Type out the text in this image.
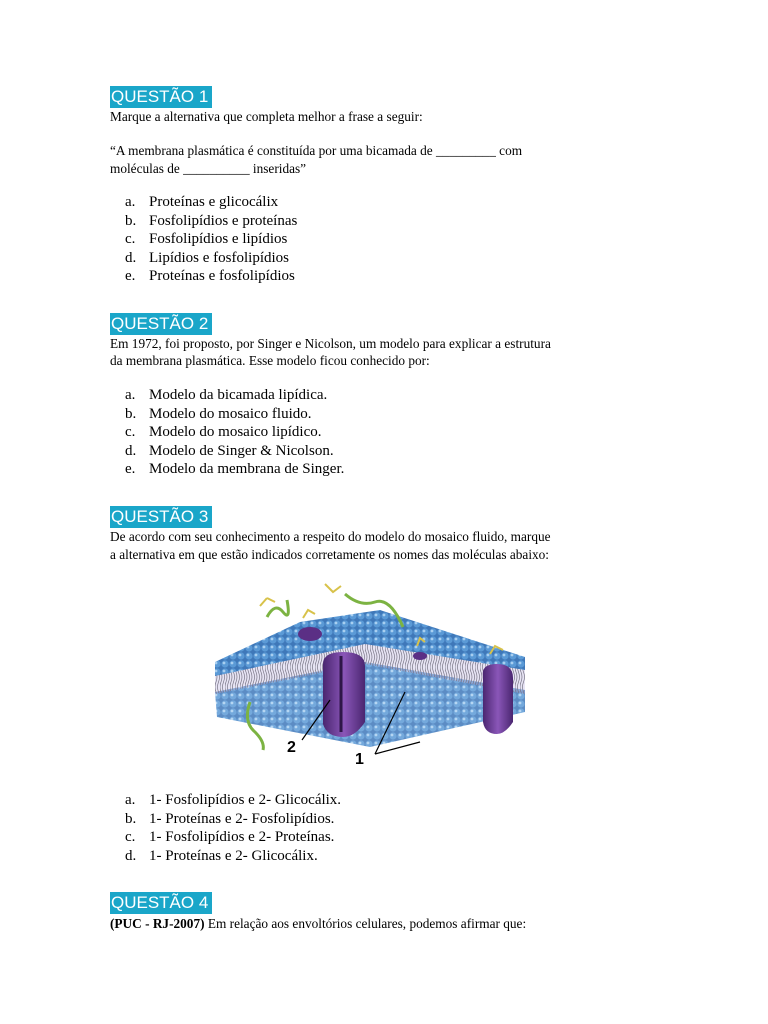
QUESTÃO 1
Marque a alternativa que completa melhor a frase a seguir:
“A membrana plasmática é constituída por uma bicamada de _________ com
moléculas de __________ inseridas”
a. Proteínas e glicocálix
b. Fosfolipídios e proteínas
c. Fosfolipídios e lipídios
d. Lipídios e fosfolipídios
e. Proteínas e fosfolipídios
QUESTÃO 2
Em 1972, foi proposto, por Singer e Nicolson, um modelo para explicar a estrutura
da membrana plasmática. Esse modelo ficou conhecido por:
a. Modelo da bicamada lipídica.
b. Modelo do mosaico fluido.
c. Modelo do mosaico lipídico.
d. Modelo de Singer & Nicolson.
e. Modelo da membrana de Singer.
QUESTÃO 3
De acordo com seu conhecimento a respeito do modelo do mosaico fluido, marque
a alternativa em que estão indicados corretamente os nomes das moléculas abaixo:
2
1
a. 1- Fosfolipídios e 2- Glicocálix.
b. 1- Proteínas e 2- Fosfolipídios.
c. 1- Fosfolipídios e 2- Proteínas.
d. 1- Proteínas e 2- Glicocálix.
QUESTÃO 4
(PUC - RJ-2007) Em relação aos envoltórios celulares, podemos afirmar que:
